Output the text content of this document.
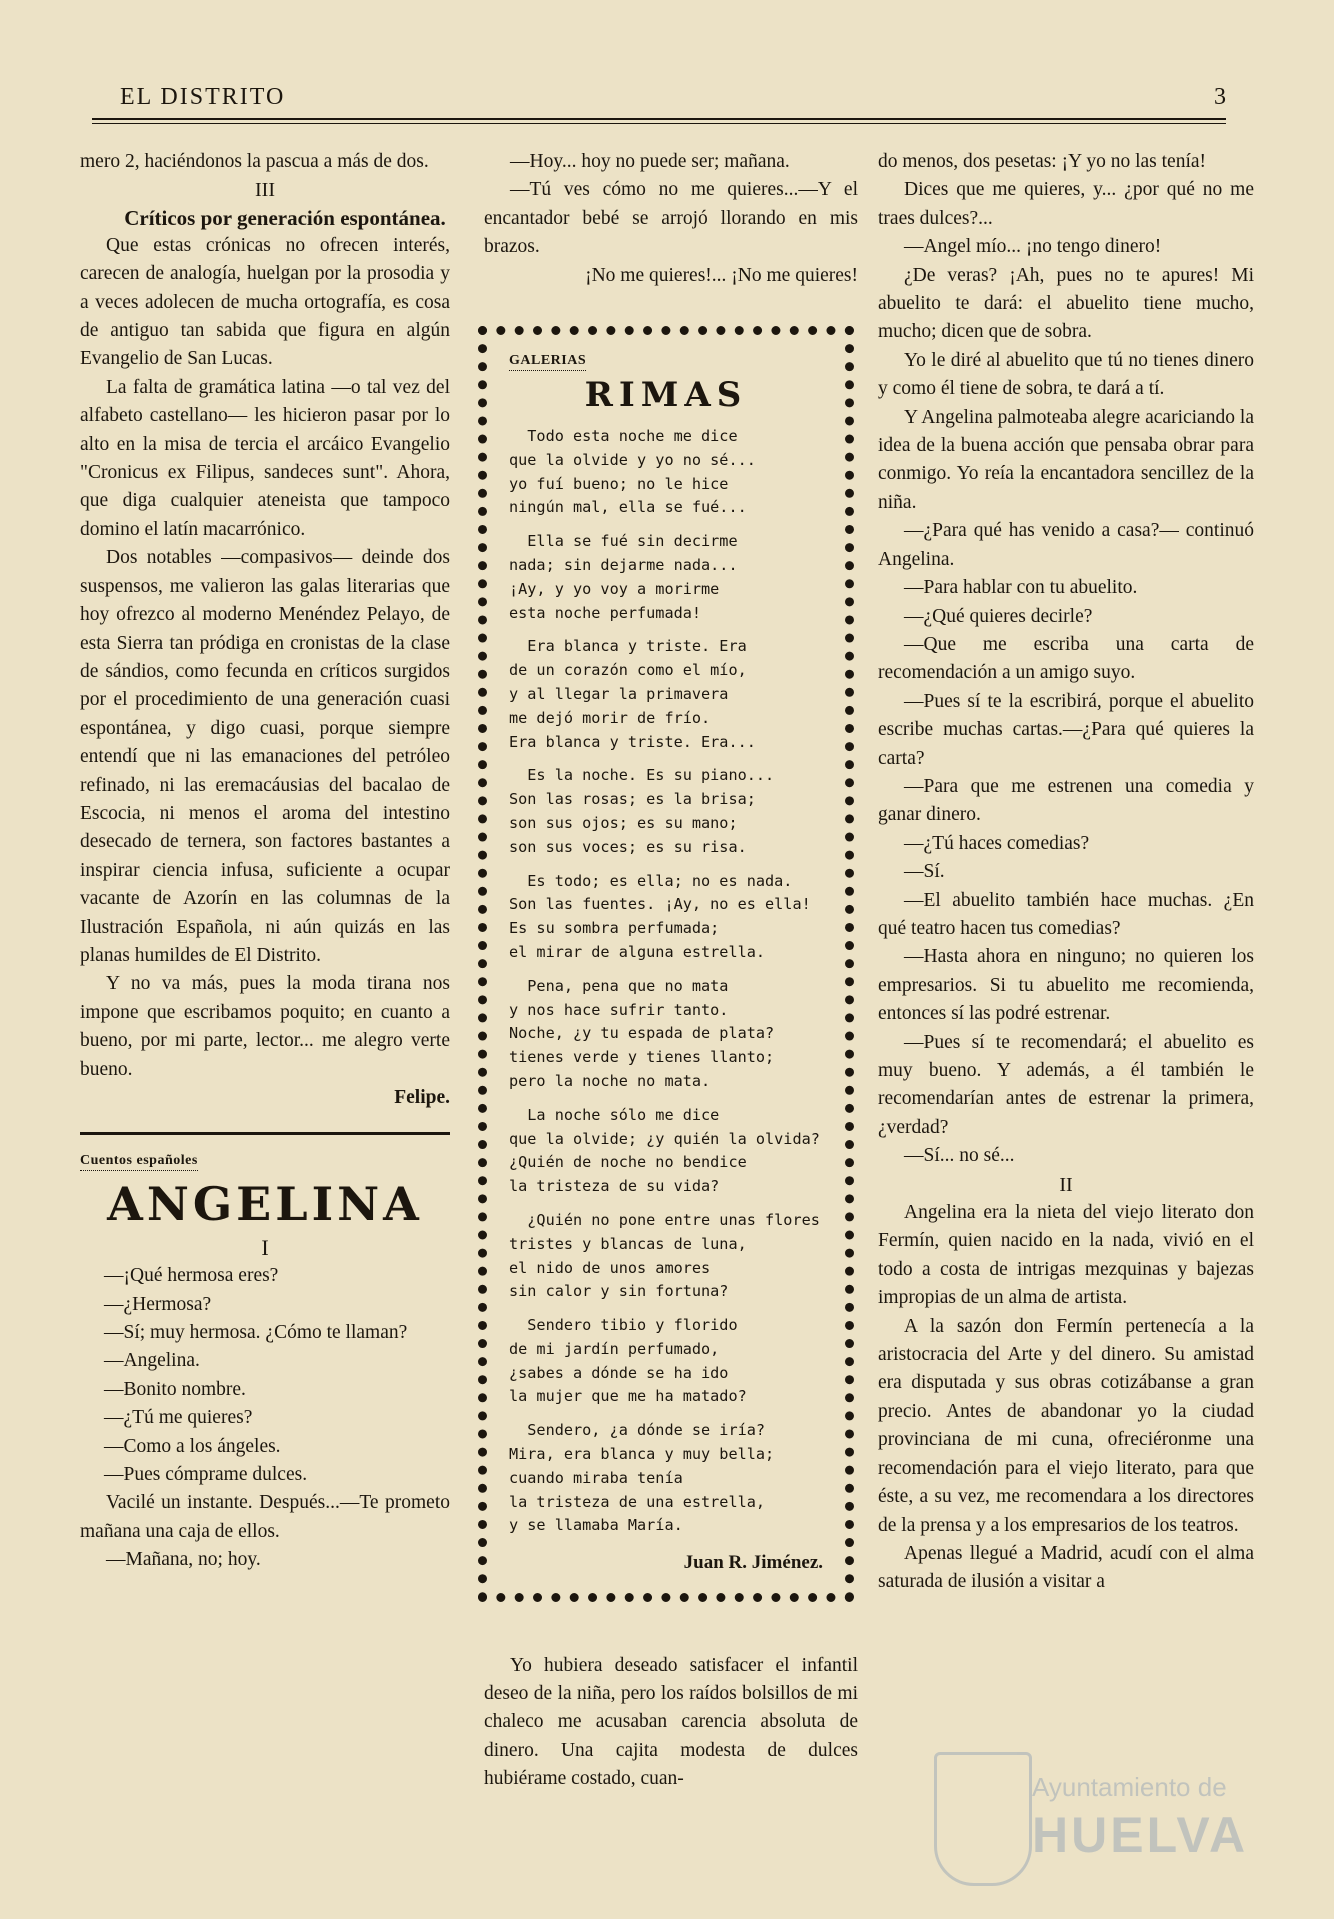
EL DISTRITO	3

mero 2, haciéndonos la pascua a más de dos.

III

Críticos por generación espontánea.

Que estas crónicas no ofrecen interés, carecen de analogía, huelgan por la prosodia y a veces adolecen de mucha ortografía, es cosa de antiguo tan sabida que figura en algún Evangelio de San Lucas.

La falta de gramática latina —o tal vez del alfabeto castellano— les hicieron pasar por lo alto en la misa de tercia el arcáico Evangelio "Cronicus ex Filipus, sandeces sunt". Ahora, que diga cualquier ateneista que tampoco domino el latín macarrónico.

Dos notables —compasivos— deinde dos suspensos, me valieron las galas literarias que hoy ofrezco al moderno Menéndez Pelayo, de esta Sierra tan pródiga en cronistas de la clase de sándios, como fecunda en críticos surgidos por el procedimiento de una generación cuasi espontánea, y digo cuasi, porque siempre entendí que ni las emanaciones del petróleo refinado, ni las eremacáusias del bacalao de Escocia, ni menos el aroma del intestino desecado de ternera, son factores bastantes a inspirar ciencia infusa, suficiente a ocupar vacante de Azorín en las columnas de la Ilustración Española, ni aún quizás en las planas humildes de El Distrito.

Y no va más, pues la moda tirana nos impone que escribamos poquito; en cuanto a bueno, por mi parte, lector... me alegro verte bueno.

Felipe.

Cuentos españoles

ANGELINA

I

—¡Qué hermosa eres?

—¿Hermosa?

—Sí; muy hermosa. ¿Cómo te llaman?

—Angelina.

—Bonito nombre.

—¿Tú me quieres?

—Como a los ángeles.

—Pues cómprame dulces.

Vacilé un instante. Después...—Te prometo mañana una caja de ellos.

—Mañana, no; hoy.

—Hoy... hoy no puede ser; mañana.

—Tú ves cómo no me quieres...—Y el encantador bebé se arrojó llorando en mis brazos.

¡No me quieres!... ¡No me quieres!

GALERIAS
RIMAS
Todo esta noche me dice
que la olvide y yo no sé...
yo fuí bueno; no le hice
ningún mal, ella se fué...
Ella se fué sin decirme
nada; sin dejarme nada...
¡Ay, y yo voy a morirme
esta noche perfumada!
Era blanca y triste. Era
de un corazón como el mío,
y al llegar la primavera
me dejó morir de frío.
Era blanca y triste. Era...
Es la noche. Es su piano...
Son las rosas; es la brisa;
son sus ojos; es su mano;
son sus voces; es su risa.
Es todo; es ella; no es nada.
Son las fuentes. ¡Ay, no es ella!
Es su sombra perfumada;
el mirar de alguna estrella.
Pena, pena que no mata
y nos hace sufrir tanto.
Noche, ¿y tu espada de plata?
tienes verde y tienes llanto;
pero la noche no mata.
La noche sólo me dice
que la olvide; ¿y quién la olvida?
¿Quién de noche no bendice
la tristeza de su vida?
¿Quién no pone entre unas flores
tristes y blancas de luna,
el nido de unos amores
sin calor y sin fortuna?
Sendero tibio y florido
de mi jardín perfumado,
¿sabes a dónde se ha ido
la mujer que me ha matado?
Sendero, ¿a dónde se iría?
Mira, era blanca y muy bella;
cuando miraba tenía
la tristeza de una estrella,
y se llamaba María.
Juan R. Jiménez.

Yo hubiera deseado satisfacer el infantil deseo de la niña, pero los raídos bolsillos de mi chaleco me acusaban carencia absoluta de dinero. Una cajita modesta de dulces hubiérame costado, cuan-

do menos, dos pesetas: ¡Y yo no las tenía!

Dices que me quieres, y... ¿por qué no me traes dulces?...

—Angel mío... ¡no tengo dinero!

¿De veras? ¡Ah, pues no te apures! Mi abuelito te dará: el abuelito tiene mucho, mucho; dicen que de sobra.

Yo le diré al abuelito que tú no tienes dinero y como él tiene de sobra, te dará a tí.

Y Angelina palmoteaba alegre acariciando la idea de la buena acción que pensaba obrar para conmigo. Yo reía la encantadora sencillez de la niña.

—¿Para qué has venido a casa?— continuó Angelina.

—Para hablar con tu abuelito.

—¿Qué quieres decirle?

—Que me escriba una carta de recomendación a un amigo suyo.

—Pues sí te la escribirá, porque el abuelito escribe muchas cartas.—¿Para qué quieres la carta?

—Para que me estrenen una comedia y ganar dinero.

—¿Tú haces comedias?

—Sí.

—El abuelito también hace muchas. ¿En qué teatro hacen tus comedias?

—Hasta ahora en ninguno; no quieren los empresarios. Si tu abuelito me recomienda, entonces sí las podré estrenar.

—Pues sí te recomendará; el abuelito es muy bueno. Y además, a él también le recomendarían antes de estrenar la primera, ¿verdad?

—Sí... no sé...

II

Angelina era la nieta del viejo literato don Fermín, quien nacido en la nada, vivió en el todo a costa de intrigas mezquinas y bajezas impropias de un alma de artista.

A la sazón don Fermín pertenecía a la aristocracia del Arte y del dinero. Su amistad era disputada y sus obras cotizábanse a gran precio. Antes de abandonar yo la ciudad provinciana de mi cuna, ofreciéronme una recomendación para el viejo literato, para que éste, a su vez, me recomendara a los directores de la prensa y a los empresarios de los teatros.

Apenas llegué a Madrid, acudí con el alma saturada de ilusión a visitar a

Ayuntamiento de
HUELVA
